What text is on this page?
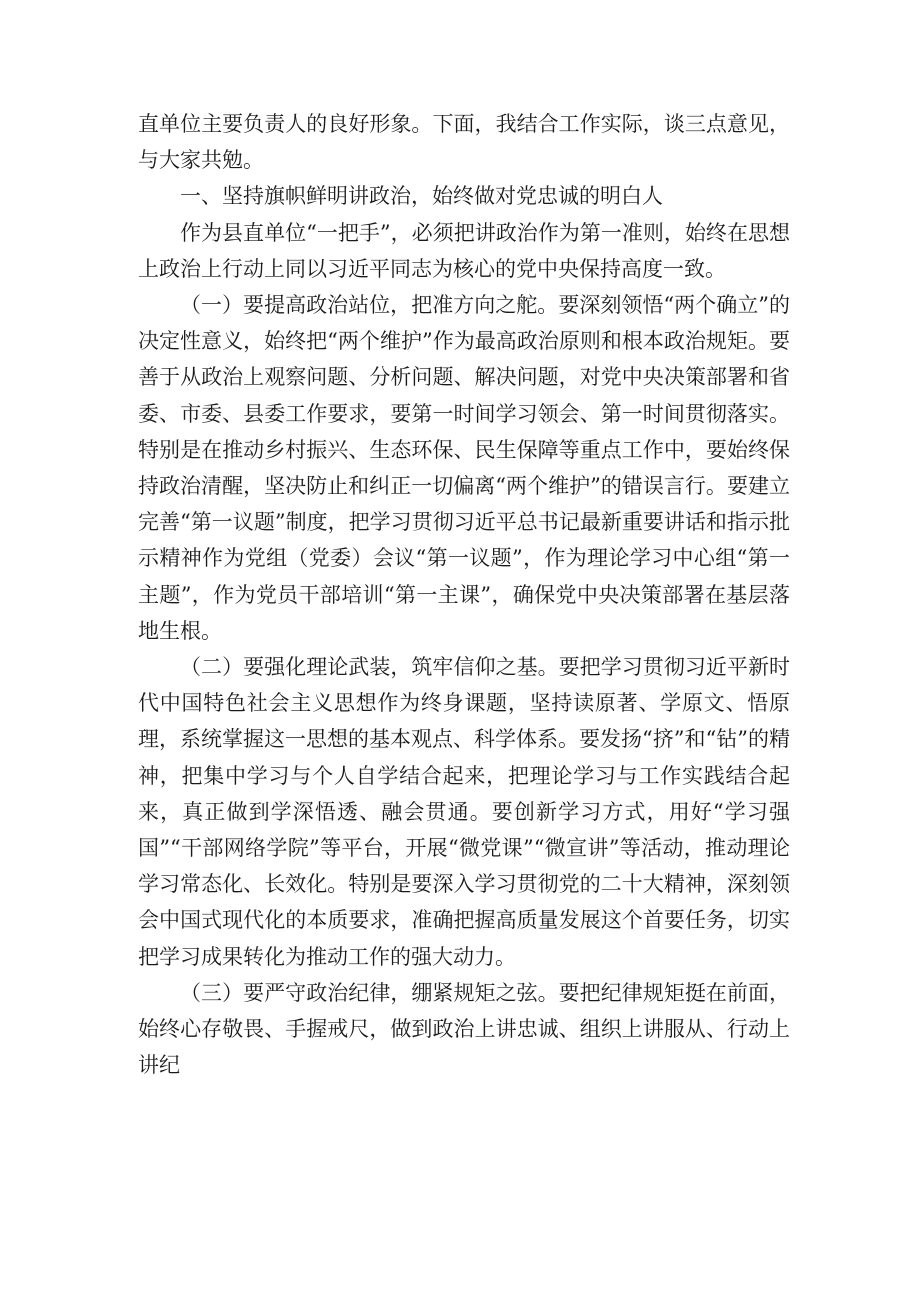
直单位主要负责人的良好形象。下面，我结合工作实际，谈三点意见，与大家共勉。

一、坚持旗帜鲜明讲政治，始终做对党忠诚的明白人

作为县直单位“一把手”，必须把讲政治作为第一准则，始终在思想上政治上行动上同以习近平同志为核心的党中央保持高度一致。

（一）要提高政治站位，把准方向之舵。要深刻领悟“两个确立”的决定性意义，始终把“两个维护”作为最高政治原则和根本政治规矩。要善于从政治上观察问题、分析问题、解决问题，对党中央决策部署和省委、市委、县委工作要求，要第一时间学习领会、第一时间贯彻落实。特别是在推动乡村振兴、生态环保、民生保障等重点工作中，要始终保持政治清醒，坚决防止和纠正一切偏离“两个维护”的错误言行。要建立完善“第一议题”制度，把学习贯彻习近平总书记最新重要讲话和指示批示精神作为党组（党委）会议“第一议题”，作为理论学习中心组“第一主题”，作为党员干部培训“第一主课”，确保党中央决策部署在基层落地生根。

（二）要强化理论武装，筑牢信仰之基。要把学习贯彻习近平新时代中国特色社会主义思想作为终身课题，坚持读原著、学原文、悟原理，系统掌握这一思想的基本观点、科学体系。要发扬“挤”和“钻”的精神，把集中学习与个人自学结合起来，把理论学习与工作实践结合起来，真正做到学深悟透、融会贯通。要创新学习方式，用好“学习强国”“干部网络学院”等平台，开展“微党课”“微宣讲”等活动，推动理论学习常态化、长效化。特别是要深入学习贯彻党的二十大精神，深刻领会中国式现代化的本质要求，准确把握高质量发展这个首要任务，切实把学习成果转化为推动工作的强大动力。

（三）要严守政治纪律，绷紧规矩之弦。要把纪律规矩挺在前面，始终心存敬畏、手握戒尺，做到政治上讲忠诚、组织上讲服从、行动上讲纪
